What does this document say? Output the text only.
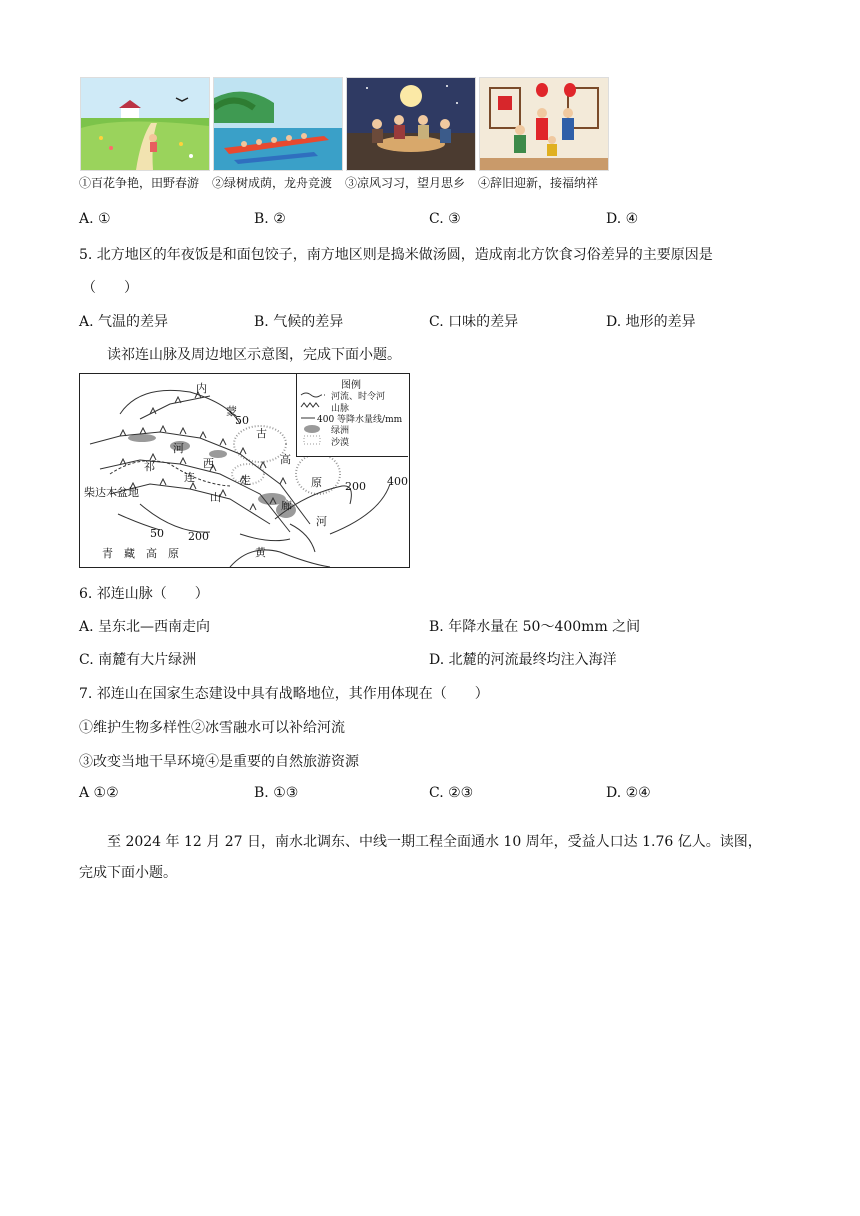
①百花争艳，田野春游 ②绿树成荫，龙舟竞渡 ③凉风习习，望月思乡 ④辞旧迎新，接福纳祥
A. ①	B. ②	C. ③	D. ④
5. 北方地区的年夜饭是和面包饺子，南方地区则是捣米做汤圆，造成南北方饮食习俗差异的主要原因是
（　　）
A. 气温的差异	B. 气候的差异	C. 口味的差异	D. 地形的差异
读祁连山脉及周边地区示意图，完成下面小题。
内
蒙
50
古
河
西	高
祁
连	走	原 200 400
柴达木盆地	山
廊
河
50 200
青　藏　高　原	黄
图例
河流、时令河
山脉
400 等降水量线/mm
绿洲
沙漠
6. 祁连山脉（　　）
A. 呈东北—西南走向	B. 年降水量在 50～400mm 之间
C. 南麓有大片绿洲	D. 北麓的河流最终均注入海洋
7. 祁连山在国家生态建设中具有战略地位，其作用体现在（　　）
①维护生物多样性②冰雪融水可以补给河流
③改变当地干旱环境④是重要的自然旅游资源
A ①②	B. ①③	C. ②③	D. ②④
至 2024 年 12 月 27 日，南水北调东、中线一期工程全面通水 10 周年，受益人口达 1.76 亿人。读图，
完成下面小题。
